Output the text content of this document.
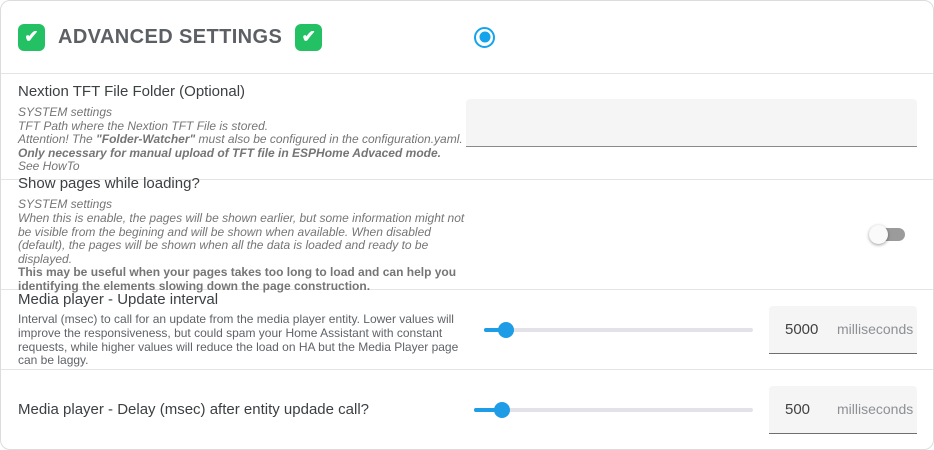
✔ ADVANCED SETTINGS	✔
Nextion TFT File Folder (Optional)
SYSTEM settings
TFT Path where the Nextion TFT File is stored.
Attention! The "Folder-Watcher" must also be configured in the configuration.yaml.
Only necessary for manual upload of TFT file in ESPHome Advaced mode.
See HowTo
Show pages while loading?
SYSTEM settings
When this is enable, the pages will be shown earlier, but some information might not be visible from the begining and will be shown when available. When disabled (default), the pages will be shown when all the data is loaded and ready to be displayed.
This may be useful when your pages takes too long to load and can help you identifying the elements slowing down the page construction.
Media player - Update interval
Interval (msec) to call for an update from the media player entity. Lower values will improve the responsiveness, but could spam your Home Assistant with constant requests, while higher values will reduce the load on HA but the Media Player page can be laggy.
5000
milliseconds
Media player - Delay (msec) after entity updade call?
500	milliseconds
